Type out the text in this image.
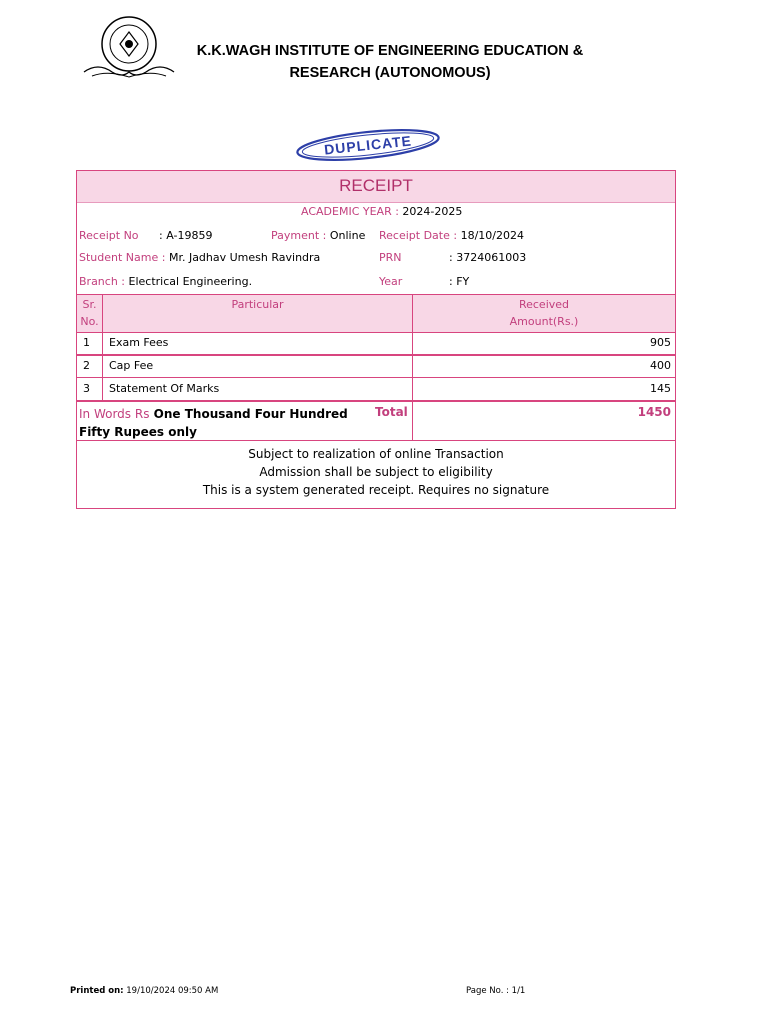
K.K.WAGH INSTITUTE OF ENGINEERING EDUCATION &
RESEARCH (AUTONOMOUS)
DUPLICATE
RECEIPT
ACADEMIC YEAR : 2024-2025
Receipt No : A-19859	Payment : Online Receipt Date : 18/10/2024
Student Name : Mr. Jadhav Umesh Ravindra	PRN	: 3724061003
Branch : Electrical Engineering.	Year	: FY
Sr.
No.
Particular	Received
Amount(Rs.)
1 Exam Fees	905
2 Cap Fee	400
3 Statement Of Marks	145
In Words Rs One Thousand Four Hundred Fifty Rupees only
Total	1450
Subject to realization of online Transaction
Admission shall be subject to eligibility
This is a system generated receipt. Requires no signature
Printed on: 19/10/2024 09:50 AM	Page No. : 1/1
